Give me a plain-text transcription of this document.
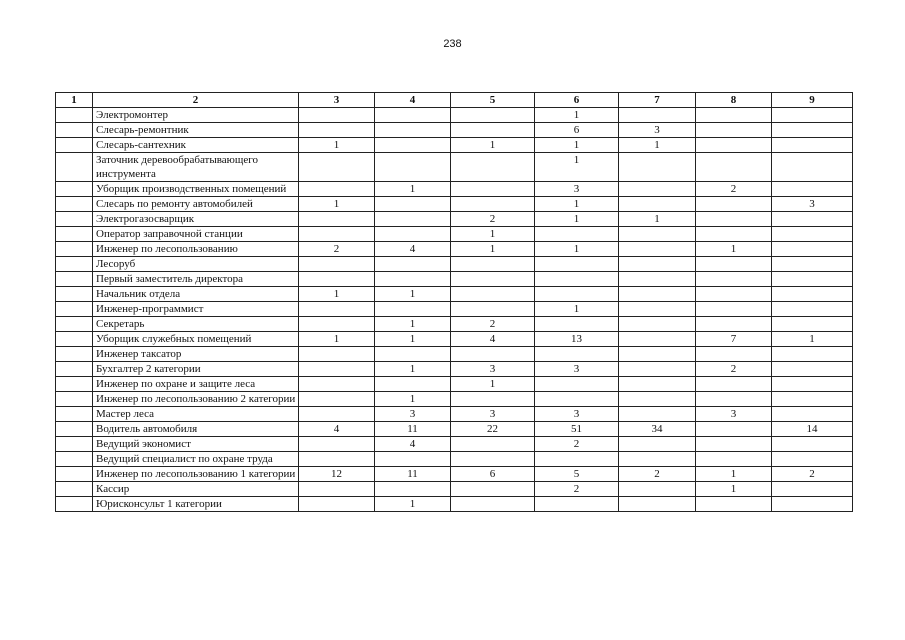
238
1	2	3	4	5	6	7	8	9
	Электромонтер				1			
	Слесарь-ремонтник				6	3		
	Слесарь-сантехник	1		1	1	1		
	Заточник деревообрабатывающего инструмента				1			
	Уборщик производственных помещений		1		3		2	
	Слесарь по ремонту автомобилей	1			1			3
	Электрогазосварщик			2	1	1		
	Оператор заправочной станции			1				
	Инженер по лесопользованию	2	4	1	1		1	
	Лесоруб							
	Первый заместитель директора							
	Начальник отдела	1	1					
	Инженер-программист				1			
	Секретарь		1	2				
	Уборщик служебных помещений	1	1	4	13		7	1
	Инженер таксатор							
	Бухгалтер 2 категории		1	3	3		2	
	Инженер по охране и защите леса			1				
	Инженер по лесопользованию 2 категории		1					
	Мастер леса		3	3	3		3	
	Водитель автомобиля	4	11	22	51	34		14
	Ведущий экономист		4		2			
	Ведущий специалист по охране труда							
	Инженер по лесопользованию 1 категории	12	11	6	5	2	1	2
	Кассир				2		1	
	Юрисконсульт 1 категории		1					
